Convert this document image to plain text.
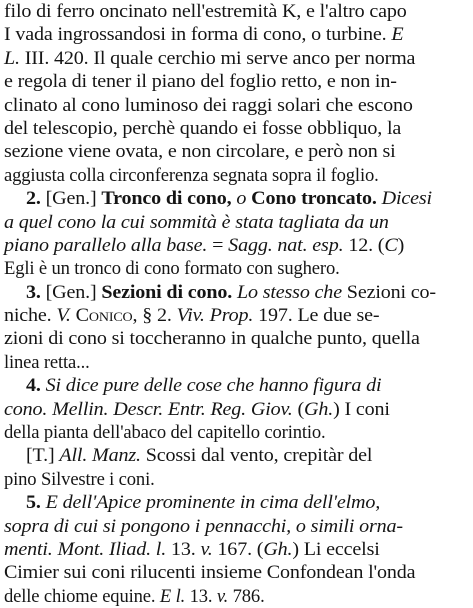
filo di ferro oncinato nell'estremità K, e l'altro capo
I vada ingrossandosi in forma di cono, o turbine. E
L. III. 420. Il quale cerchio mi serve anco per norma
e regola di tener il piano del foglio retto, e non in-
clinato al cono luminoso dei raggi solari che escono
del telescopio, perchè quando ei fosse obbliquo, la
sezione viene ovata, e non circolare, e però non si
aggiusta colla circonferenza segnata sopra il foglio.
2. [Gen.] Tronco di cono, o Cono troncato. Dicesi
a quel cono la cui sommità è stata tagliata da un
piano parallelo alla base. = Sagg. nat. esp. 12. (C)
Egli è un tronco di cono formato con sughero.
3. [Gen.] Sezioni di cono. Lo stesso che Sezioni co-
niche. V. Conico, § 2. Viv. Prop. 197. Le due se-
zioni di cono si toccheranno in qualche punto, quella
linea retta...
4. Si dice pure delle cose che hanno figura di
cono. Mellin. Descr. Entr. Reg. Giov. (Gh.) I coni
della pianta dell'abaco del capitello corintio.
[T.] All. Manz. Scossi dal vento, crepitàr del
pino Silvestre i coni.
5. E dell'Apice prominente in cima dell'elmo,
sopra di cui si pongono i pennacchi, o simili orna-
menti. Mont. Iliad. l. 13. v. 167. (Gh.) Li eccelsi
Cimier sui coni rilucenti insieme Confondean l'onda
delle chiome equine. E l. 13. v. 786.
